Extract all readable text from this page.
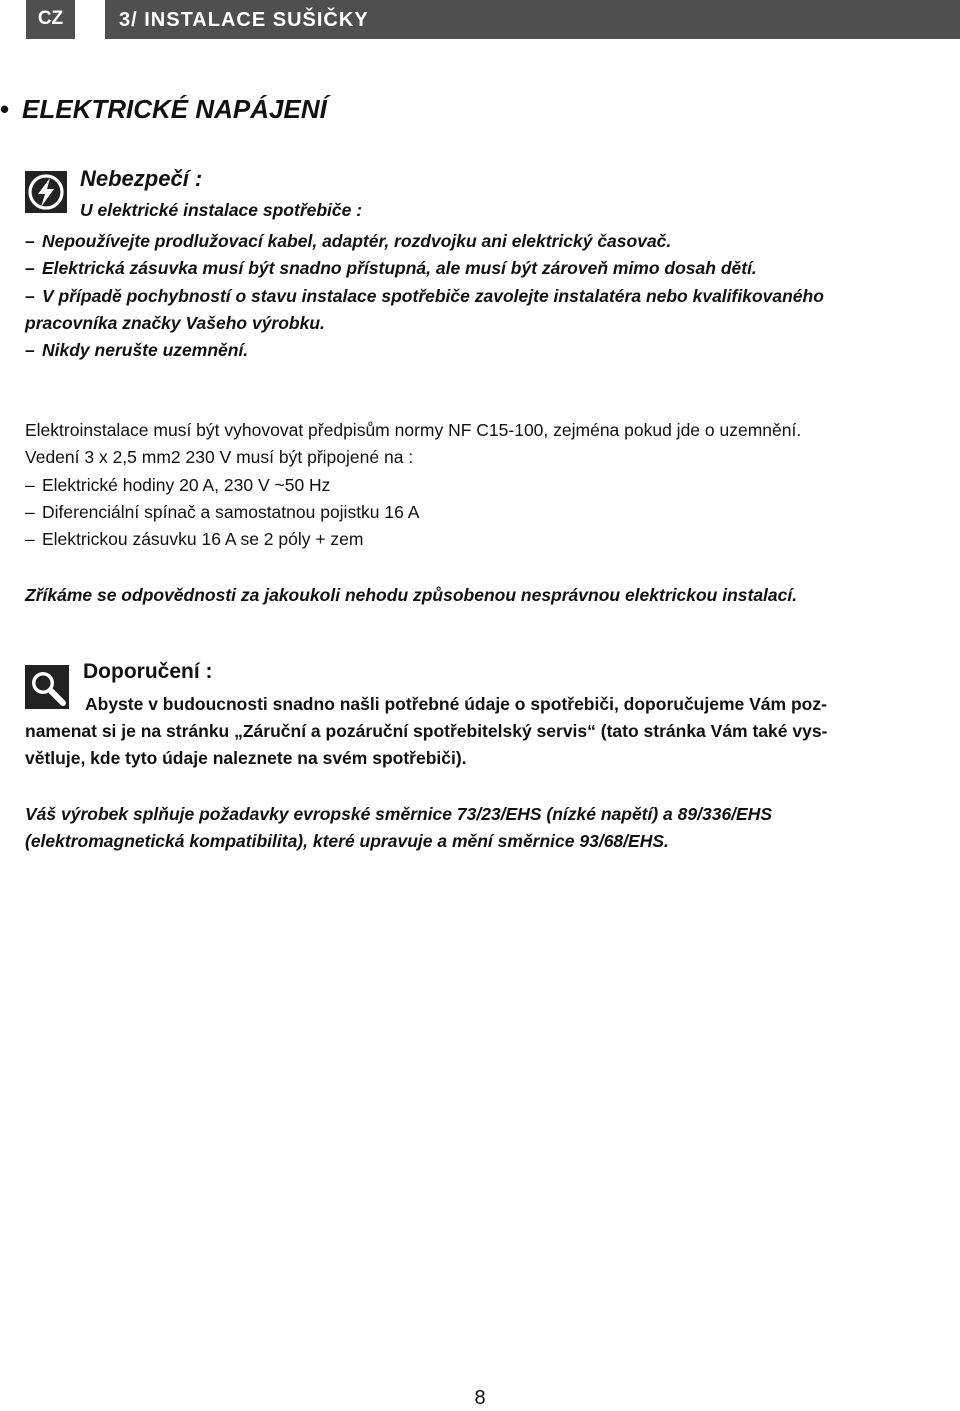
CZ	3/ INSTALACE SUŠIČKY
• ELEKTRICKÉ NAPÁJENÍ
Nebezpečí :
U elektrické instalace spotřebiče :
– Nepoužívejte prodlužovací kabel, adaptér, rozdvojku ani elektrický časovač.
– Elektrická zásuvka musí být snadno přístupná, ale musí být zároveň mimo dosah dětí.
– V případě pochybností o stavu instalace spotřebiče zavolejte instalatéra nebo kvalifikovaného
pracovníka značky Vašeho výrobku.
– Nikdy nerušte uzemnění.
Elektroinstalace musí být vyhovovat předpisům normy NF C15-100, zejména pokud jde o uzemnění.
Vedení 3 x 2,5 mm2 230 V musí být připojené na :
– Elektrické hodiny 20 A, 230 V ~50 Hz
– Diferenciální spínač a samostatnou pojistku 16 A
– Elektrickou zásuvku 16 A se 2 póly + zem
Zříkáme se odpovědnosti za jakoukoli nehodu způsobenou nesprávnou elektrickou instalací.
Doporučení :
Abyste v budoucnosti snadno našli potřebné údaje o spotřebiči, doporučujeme Vám poz-
namenat si je na stránku „Záruční a pozáruční spotřebitelský servis“ (tato stránka Vám také vys-
větluje, kde tyto údaje naleznete na svém spotřebiči).
Váš výrobek splňuje požadavky evropské směrnice 73/23/EHS (nízké napětí) a 89/336/EHS
(elektromagnetická kompatibilita), které upravuje a mění směrnice 93/68/EHS.
8
